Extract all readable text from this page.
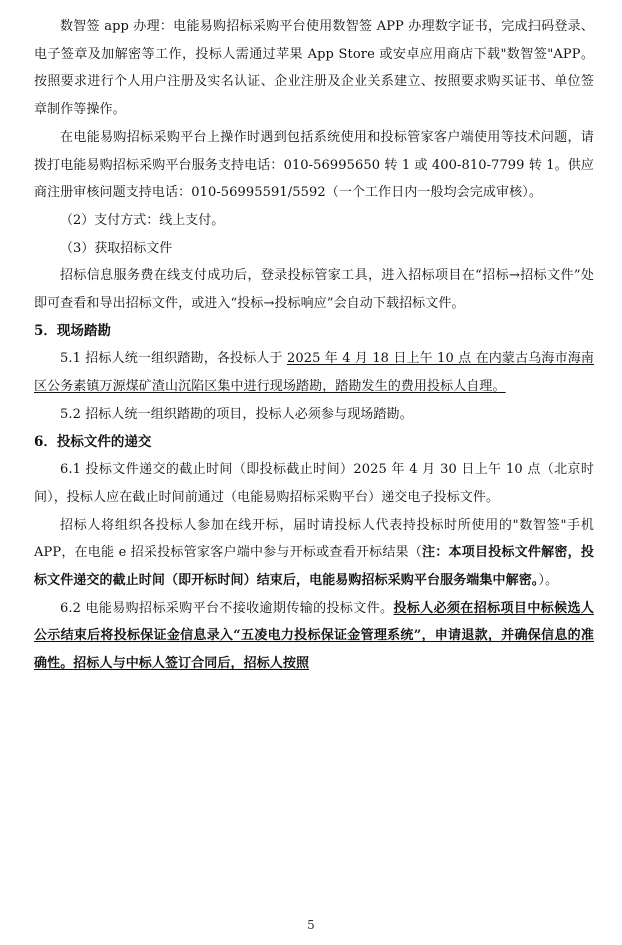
数智签 app 办理：电能易购招标采购平台使用数智签 APP 办理数字证书，完成扫码登录、电子签章及加解密等工作，投标人需通过苹果 App Store 或安卓应用商店下载"数智签"APP。按照要求进行个人用户注册及实名认证、企业注册及企业关系建立、按照要求购买证书、单位签章制作等操作。

在电能易购招标采购平台上操作时遇到包括系统使用和投标管家客户端使用等技术问题，请拨打电能易购招标采购平台服务支持电话：010-56995650 转 1 或 400-810-7799 转 1。供应商注册审核问题支持电话：010-56995591/5592（一个工作日内一般均会完成审核）。

（2）支付方式：线上支付。

（3）获取招标文件

招标信息服务费在线支付成功后，登录投标管家工具，进入招标项目在“招标→招标文件”处即可查看和导出招标文件，或进入“投标→投标响应”会自动下载招标文件。

5．现场踏勘

5.1 招标人统一组织踏勘，各投标人于 2025 年 4 月 18 日上午 10 点 在内蒙古乌海市海南区公务素镇万源煤矿渣山沉陷区集中进行现场踏勘，踏勘发生的费用投标人自理。

5.2 招标人统一组织踏勘的项目，投标人必须参与现场踏勘。

6．投标文件的递交

6.1 投标文件递交的截止时间（即投标截止时间）2025 年 4 月 30 日上午 10 点（北京时间），投标人应在截止时间前通过（电能易购招标采购平台）递交电子投标文件。

招标人将组织各投标人参加在线开标，届时请投标人代表持投标时所使用的"数智签"手机 APP，在电能 e 招采投标管家客户端中参与开标或查看开标结果（注：本项目投标文件解密，投标文件递交的截止时间（即开标时间）结束后，电能易购招标采购平台服务端集中解密。）。

6.2 电能易购招标采购平台不接收逾期传输的投标文件。投标人必须在招标项目中标候选人公示结束后将投标保证金信息录入“五凌电力投标保证金管理系统”，申请退款，并确保信息的准确性。招标人与中标人签订合同后，招标人按照

5
